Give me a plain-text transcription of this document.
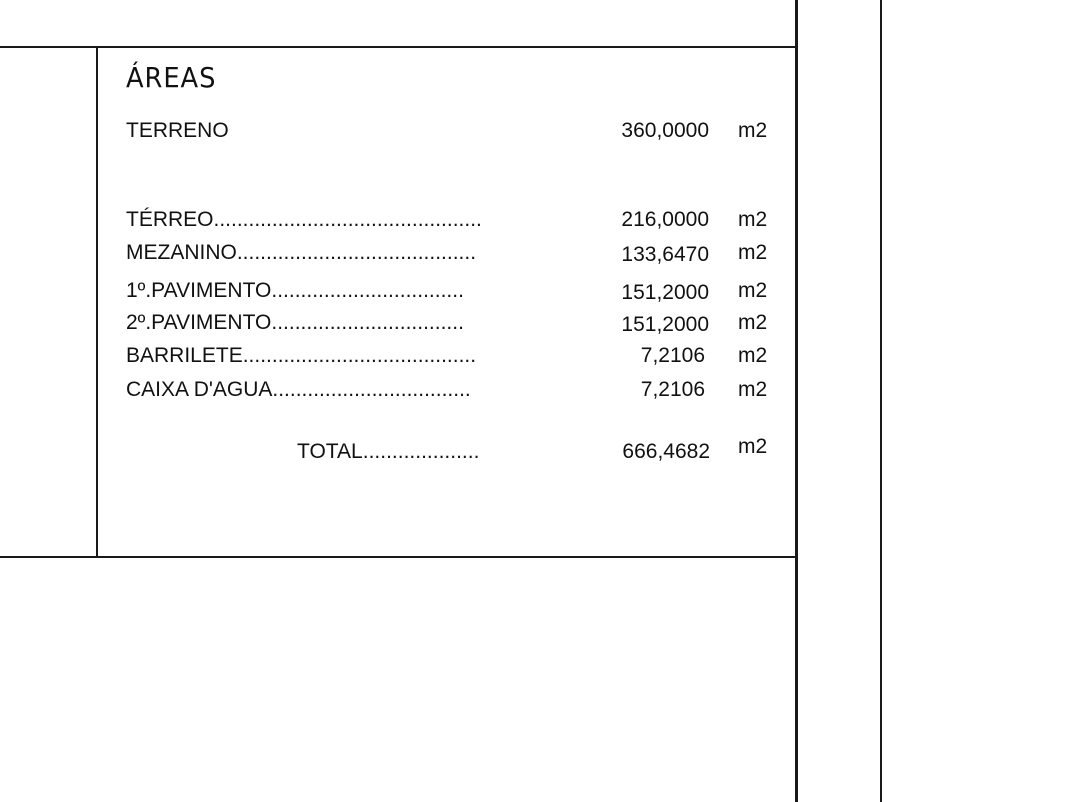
ÁREAS
TERRENO	360,0000 m2
TÉRREO..............................................	216,0000 m2
MEZANINO.........................................	133,6470 m2
1º.PAVIMENTO.................................	151,2000 m2
2º.PAVIMENTO.................................	151,2000 m2
BARRILETE........................................	7,2106 m2
CAIXA D'AGUA..................................	7,2106 m2
TOTAL....................	666,4682 m2
